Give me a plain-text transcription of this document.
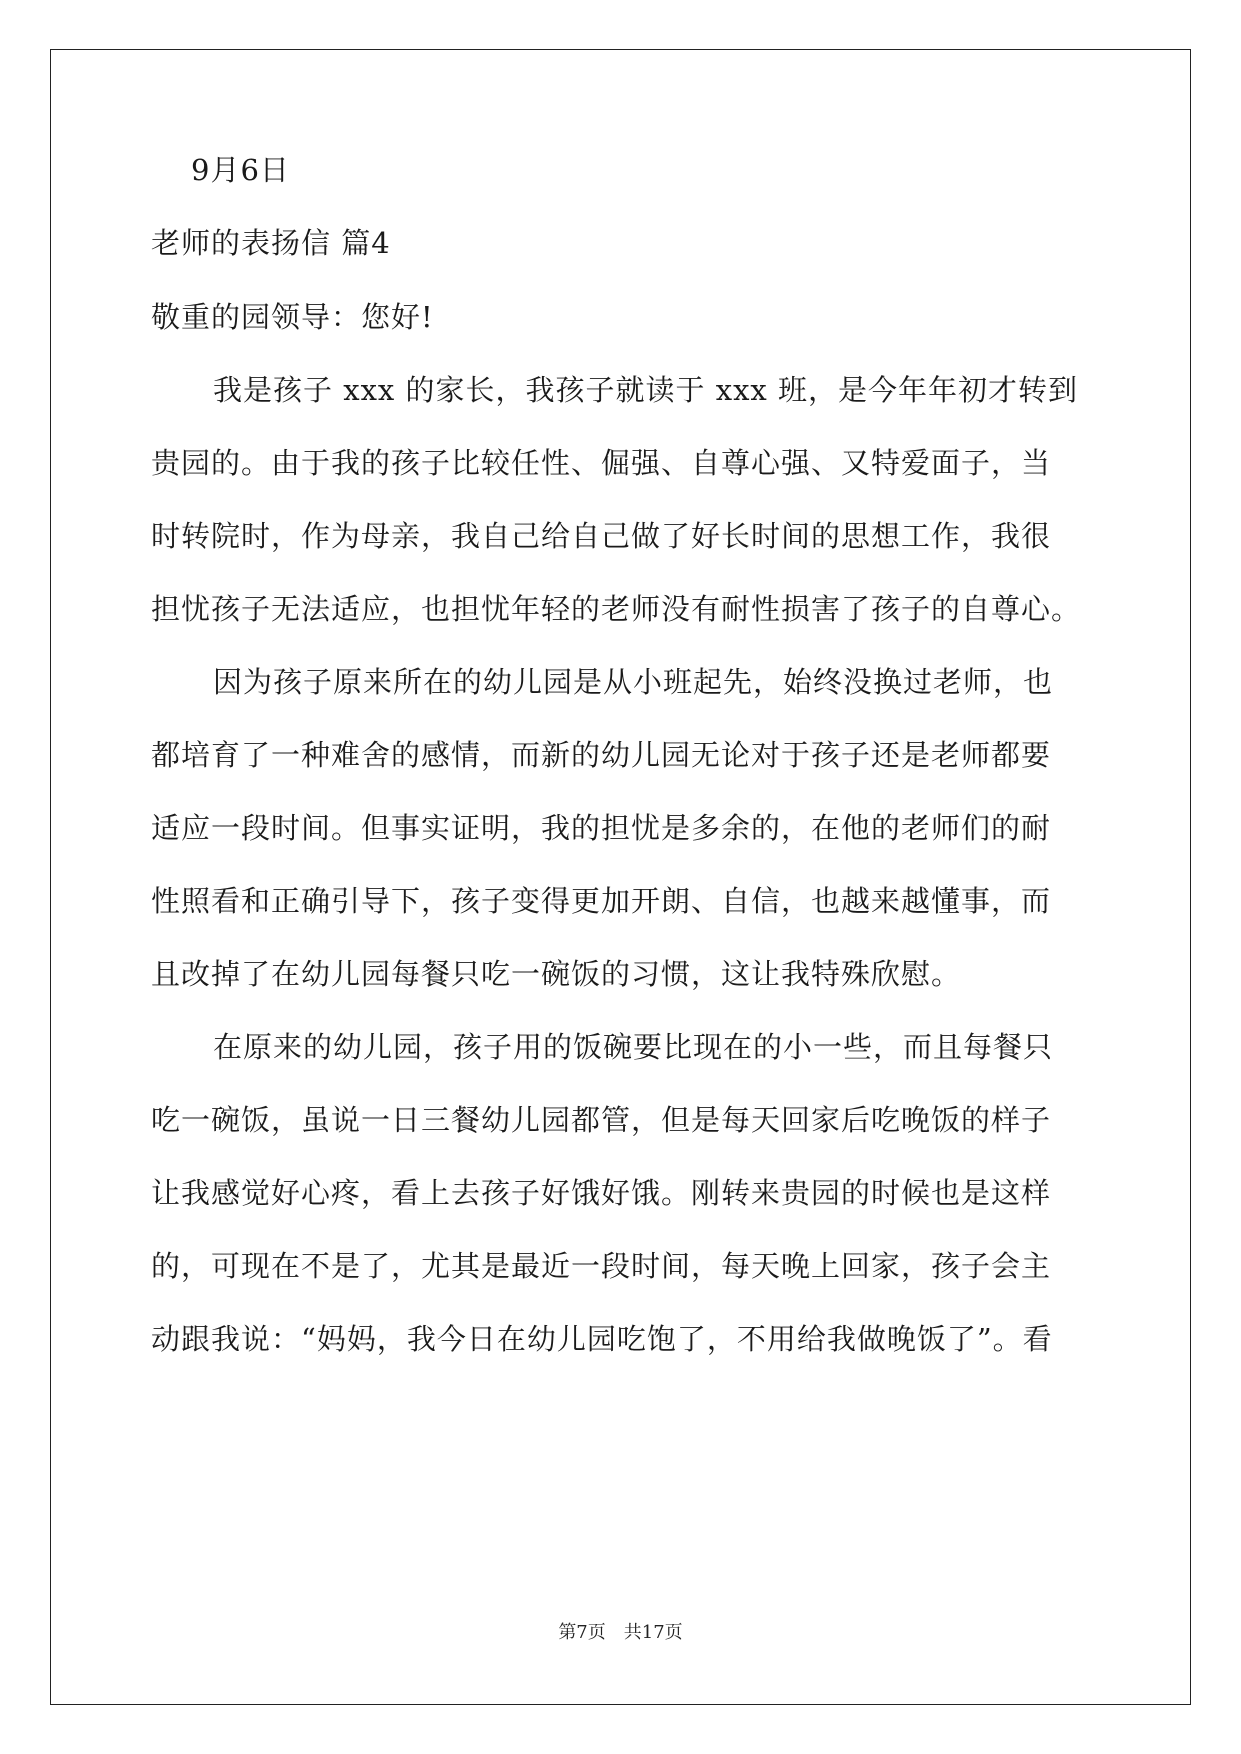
9月6日
老师的表扬信 篇4
敬重的园领导：您好!
我是孩子 xxx 的家长，我孩子就读于 xxx 班，是今年年初才转到
贵园的。由于我的孩子比较任性、倔强、自尊心强、又特爱面子，当
时转院时，作为母亲，我自己给自己做了好长时间的思想工作，我很
担忧孩子无法适应，也担忧年轻的老师没有耐性损害了孩子的自尊心。
因为孩子原来所在的幼儿园是从小班起先，始终没换过老师，也
都培育了一种难舍的感情，而新的幼儿园无论对于孩子还是老师都要
适应一段时间。但事实证明，我的担忧是多余的，在他的老师们的耐
性照看和正确引导下，孩子变得更加开朗、自信，也越来越懂事，而
且改掉了在幼儿园每餐只吃一碗饭的习惯，这让我特殊欣慰。
在原来的幼儿园，孩子用的饭碗要比现在的小一些，而且每餐只
吃一碗饭，虽说一日三餐幼儿园都管，但是每天回家后吃晚饭的样子
让我感觉好心疼，看上去孩子好饿好饿。刚转来贵园的时候也是这样
的，可现在不是了，尤其是最近一段时间，每天晚上回家，孩子会主
动跟我说：“妈妈，我今日在幼儿园吃饱了，不用给我做晚饭了”。看
第7页 共17页
